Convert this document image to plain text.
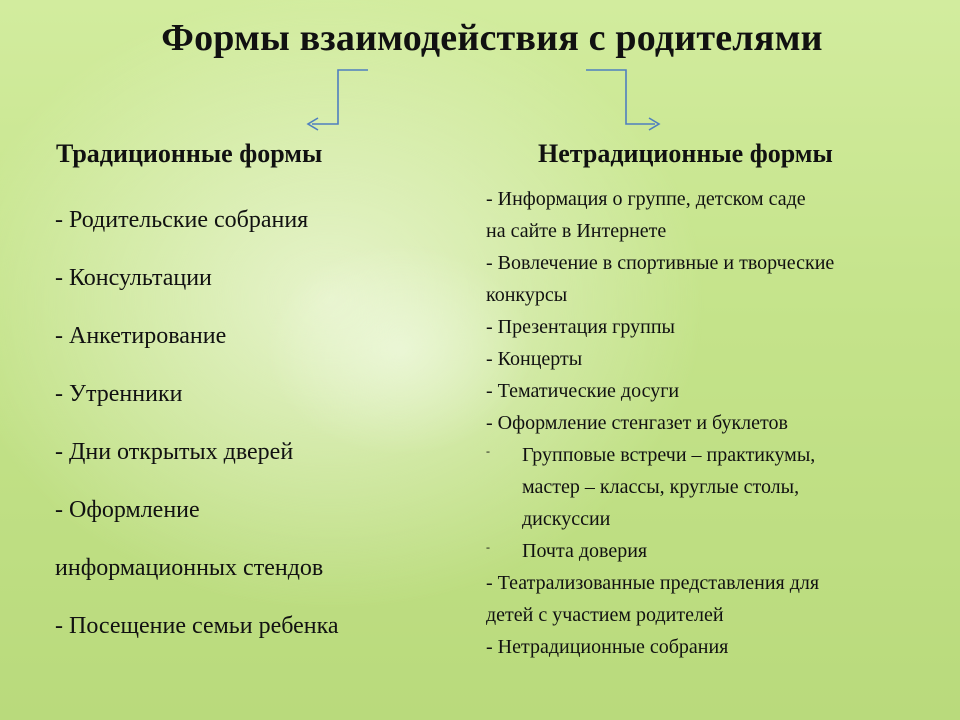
Формы взаимодействия с родителями
Традиционные формы	Нетрадиционные формы
- Родительские собрания
- Консультации
- Анкетирование
- Утренники
- Дни открытых дверей
- Оформление
информационных стендов
- Посещение семьи ребенка
- Информация о группе, детском саде
на сайте в Интернете
- Вовлечение в спортивные и творческие
конкурсы
- Презентация группы
- Концерты
- Тематические досуги
- Оформление стенгазет и буклетов
- Групповые встречи – практикумы,
мастер – классы, круглые столы,
дискуссии
- Почта доверия
- Театрализованные представления для
детей с участием родителей
- Нетрадиционные собрания
